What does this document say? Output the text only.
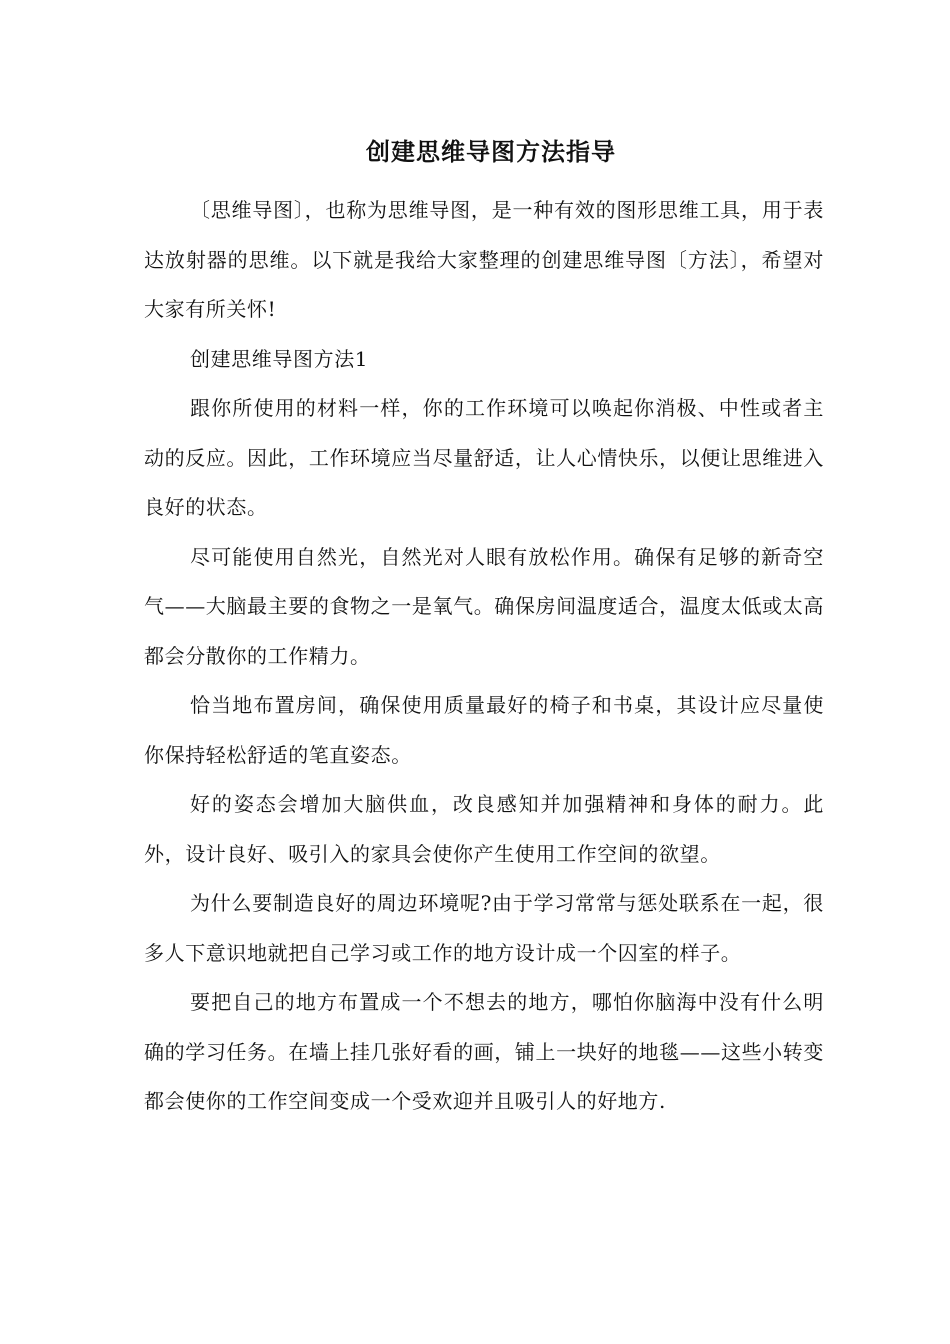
创建思维导图方法指导

〔思维导图〕，也称为思维导图，是一种有效的图形思维工具，用于表达放射器的思维。以下就是我给大家整理的创建思维导图〔方法〕，希望对大家有所关怀!

创建思维导图方法1

跟你所使用的材料一样，你的工作环境可以唤起你消极、中性或者主动的反应。因此，工作环境应当尽量舒适，让人心情快乐，以便让思维进入良好的状态。

尽可能使用自然光，自然光对人眼有放松作用。确保有足够的新奇空气——大脑最主要的食物之一是氧气。确保房间温度适合，温度太低或太高都会分散你的工作精力。

恰当地布置房间，确保使用质量最好的椅子和书桌，其设计应尽量使你保持轻松舒适的笔直姿态。

好的姿态会增加大脑供血，改良感知并加强精神和身体的耐力。此外，设计良好、吸引入的家具会使你产生使用工作空间的欲望。

为什么要制造良好的周边环境呢?由于学习常常与惩处联系在一起，很多人下意识地就把自己学习或工作的地方设计成一个囚室的样子。

要把自己的地方布置成一个不想去的地方，哪怕你脑海中没有什么明确的学习任务。在墙上挂几张好看的画，铺上一块好的地毯——这些小转变都会使你的工作空间变成一个受欢迎并且吸引人的好地方.
